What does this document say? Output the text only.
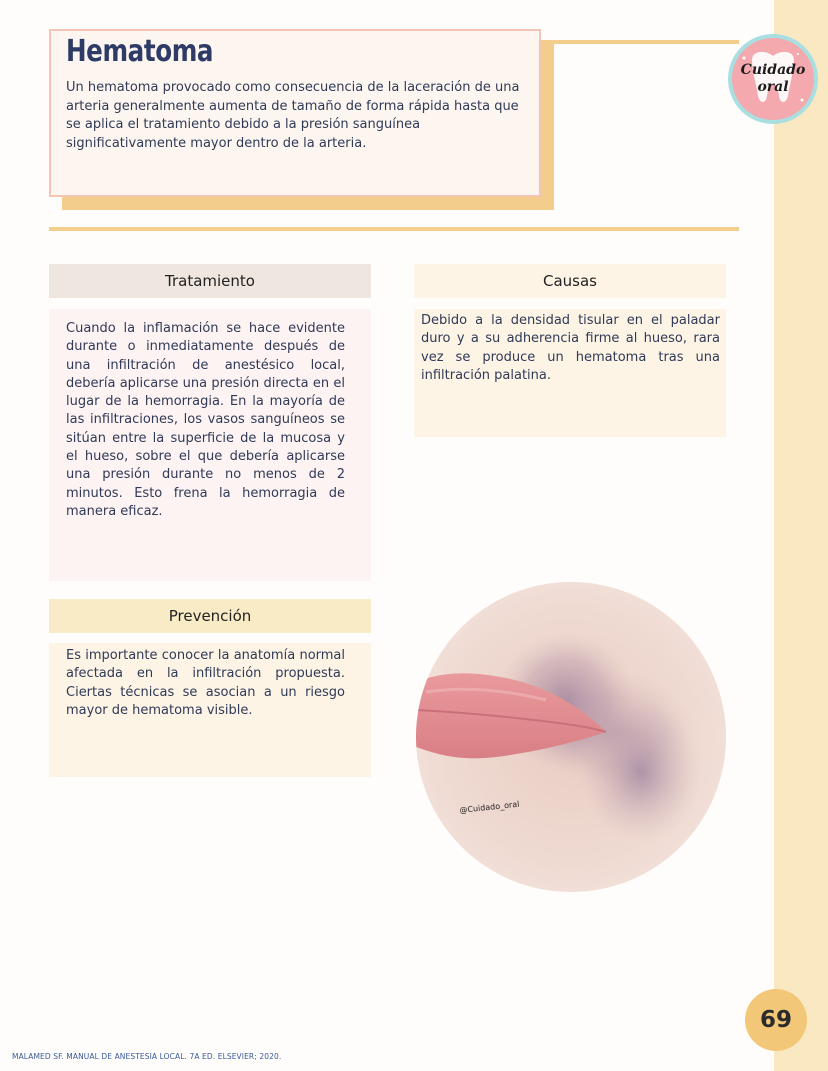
Hematoma
Un hematoma provocado como consecuencia de la laceración de una arteria generalmente aumenta de tamaño de forma rápida hasta que se aplica el tratamiento debido a la presión sanguínea significativamente mayor dentro de la arteria.
Cuidado
oral
Tratamiento
Cuando la inflamación se hace evidente durante o inmediatamente después de una infiltración de anestésico local, debería aplicarse una presión directa en el lugar de la hemorragia. En la mayoría de las infiltraciones, los vasos sanguíneos se sitúan entre la superficie de la mucosa y el hueso, sobre el que debería aplicarse una presión durante no menos de 2 minutos. Esto frena la hemorragia de manera eficaz.
Causas
Debido a la densidad tisular en el paladar duro y a su adherencia firme al hueso, rara vez se produce un hematoma tras una infiltración palatina.
Prevención
Es importante conocer la anatomía normal afectada en la infiltración propuesta. Ciertas técnicas se asocian a un riesgo mayor de hematoma visible.
@Cuidado_oral
69
MALAMED SF. MANUAL DE ANESTESIA LOCAL. 7A ED. ELSEVIER; 2020.
